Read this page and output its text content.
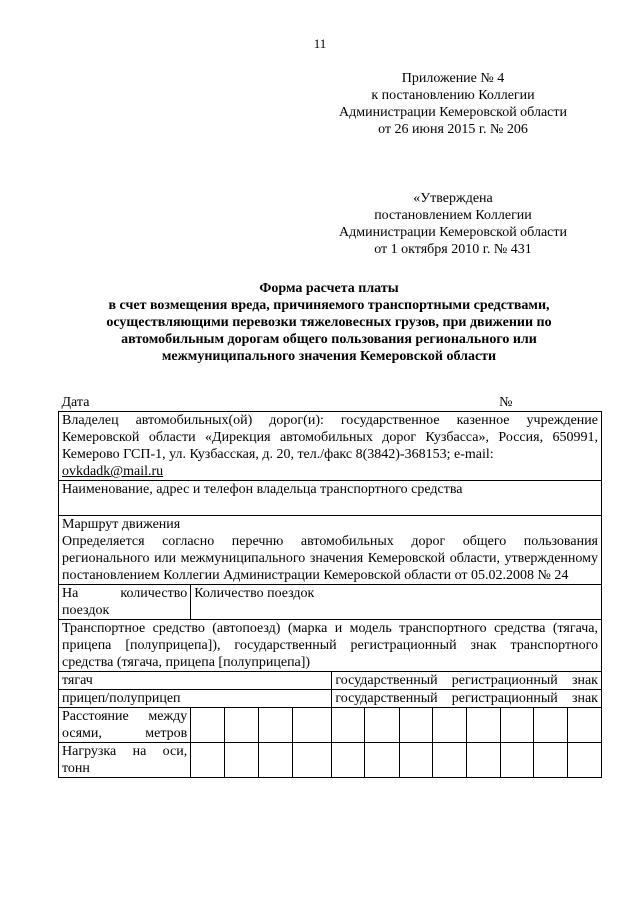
11
Приложение № 4
к постановлению Коллегии
Администрации Кемеровской области
от 26 июня 2015 г. № 206
«Утверждена
постановлением Коллегии
Администрации Кемеровской области
от 1 октября 2010 г. № 431
Форма расчета платы
в счет возмещения вреда, причиняемого транспортными средствами,
осуществляющими перевозки тяжеловесных грузов, при движении по
автомобильным дорогам общего пользования регионального или
межмуниципального значения Кемеровской области
Дата №												

Владелец автомобильных(ой) дорог(и): государственное казенное учреждение Кемеровской области «Дирекция автомобильных дорог Кузбасса», Россия, 650991, Кемерово ГСП-1, ул. Кузбасская, д. 20, тел./факс 8(3842)-368153; e-mail:
ovkdadk@mail.ru												

Наименование, адрес и телефон владельца транспортного средства												

Маршрут движения
Определяется согласно перечню автомобильных дорог общего пользования регионального или межмуниципального значения Кемеровской области, утвержденному постановлением Коллегии Администрации Кемеровской области от 05.02.2008 № 24												

На количество поездок	Количество поездок											

Транспортное средство (автопоезд) (марка и модель транспортного средства (тягача, прицепа [полуприцепа]), государственный регистрационный знак транспортного средства (тягача, прицепа [полуприцепа])												

тягач					государственный регистрационный знак							

прицеп/полуприцеп					государственный регистрационный знак							

Расстояние между осями, метров												

Нагрузка на оси, тонн												
